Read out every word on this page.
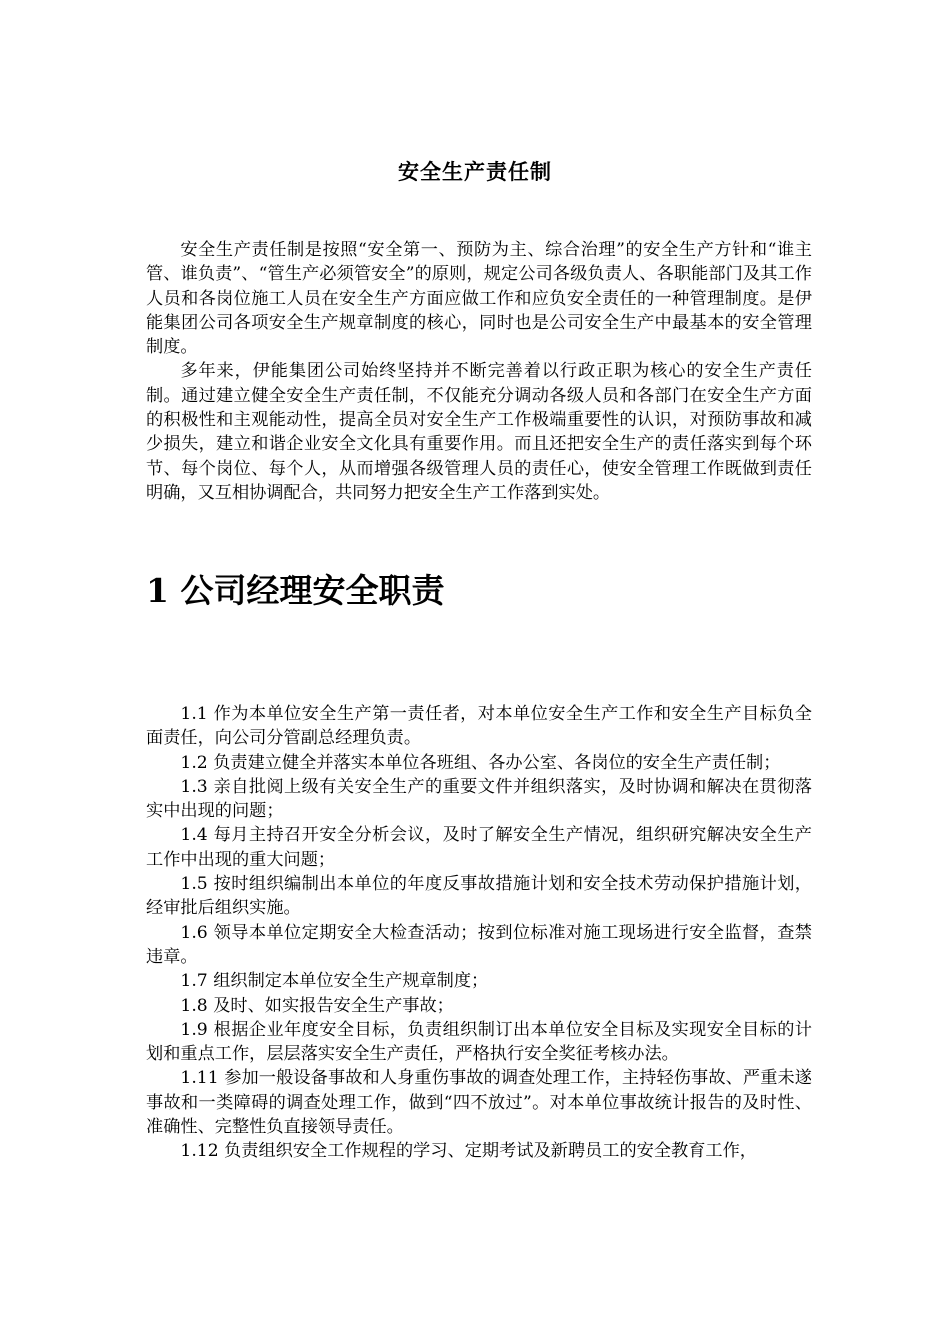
安全生产责任制

安全生产责任制是按照“安全第一、预防为主、综合治理”的安全生产方针和“谁主管、谁负责”、“管生产必须管安全”的原则，规定公司各级负责人、各职能部门及其工作人员和各岗位施工人员在安全生产方面应做工作和应负安全责任的一种管理制度。是伊能集团公司各项安全生产规章制度的核心，同时也是公司安全生产中最基本的安全管理制度。

多年来，伊能集团公司始终坚持并不断完善着以行政正职为核心的安全生产责任制。通过建立健全安全生产责任制，不仅能充分调动各级人员和各部门在安全生产方面的积极性和主观能动性，提高全员对安全生产工作极端重要性的认识，对预防事故和减少损失，建立和谐企业安全文化具有重要作用。而且还把安全生产的责任落实到每个环节、每个岗位、每个人，从而增强各级管理人员的责任心，使安全管理工作既做到责任明确，又互相协调配合，共同努力把安全生产工作落到实处。

1 公司经理安全职责

1.1 作为本单位安全生产第一责任者，对本单位安全生产工作和安全生产目标负全面责任，向公司分管副总经理负责。

1.2 负责建立健全并落实本单位各班组、各办公室、各岗位的安全生产责任制；

1.3 亲自批阅上级有关安全生产的重要文件并组织落实，及时协调和解决在贯彻落实中出现的问题；

1.4 每月主持召开安全分析会议，及时了解安全生产情况，组织研究解决安全生产工作中出现的重大问题；

1.5 按时组织编制出本单位的年度反事故措施计划和安全技术劳动保护措施计划，经审批后组织实施。

1.6 领导本单位定期安全大检查活动；按到位标准对施工现场进行安全监督，查禁违章。

1.7 组织制定本单位安全生产规章制度；

1.8 及时、如实报告安全生产事故；

1.9 根据企业年度安全目标，负责组织制订出本单位安全目标及实现安全目标的计划和重点工作，层层落实安全生产责任，严格执行安全奖征考核办法。

1.11 参加一般设备事故和人身重伤事故的调查处理工作，主持轻伤事故、严重未遂事故和一类障碍的调查处理工作，做到“四不放过”。对本单位事故统计报告的及时性、准确性、完整性负直接领导责任。

1.12 负责组织安全工作规程的学习、定期考试及新聘员工的安全教育工作，
